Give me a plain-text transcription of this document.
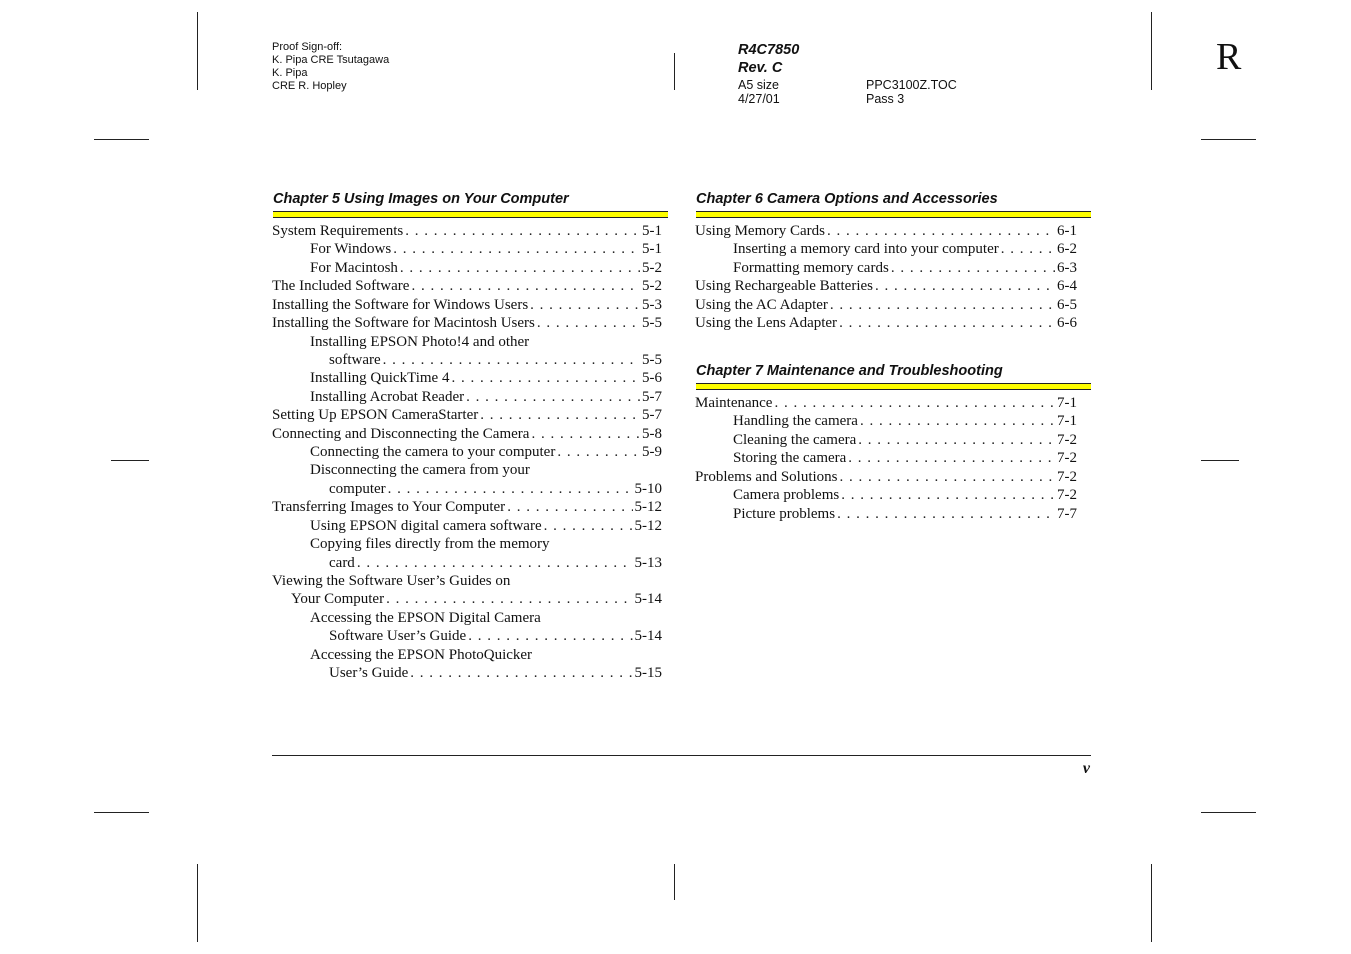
Proof Sign-off:
K. Pipa CRE Tsutagawa
K. Pipa
CRE R. Hopley
R4C7850
Rev. C
A5 size
4/27/01
PPC3100Z.TOC
Pass 3
R
Chapter 5 Using Images on Your Computer
System Requirements . . .	5-1
For Windows . . .	5-1
For Macintosh . . .	5-2
The Included Software . . .	5-2
Installing the Software for Windows Users . . .	5-3
Installing the Software for Macintosh Users . . .	5-5
Installing EPSON Photo!4 and other
software . . .	5-5
Installing QuickTime 4 . . .	5-6
Installing Acrobat Reader . . .	5-7
Setting Up EPSON CameraStarter . . .	5-7
Connecting and Disconnecting the Camera . . .	5-8
Connecting the camera to your computer . . .	5-9
Disconnecting the camera from your
computer . . .	5-10
Transferring Images to Your Computer . . .	5-12
Using EPSON digital camera software . . .	5-12
Copying files directly from the memory
card . . .	5-13
Viewing the Software User’s Guides on
Your Computer . . .	5-14
Accessing the EPSON Digital Camera
Software User’s Guide . . .	5-14
Accessing the EPSON PhotoQuicker
User’s Guide . . .	5-15
Chapter 6 Camera Options and Accessories
Using Memory Cards . . .	6-1
Inserting a memory card into your computer . . .	6-2
Formatting memory cards . . .	6-3
Using Rechargeable Batteries . . .	6-4
Using the AC Adapter . . .	6-5
Using the Lens Adapter . . .	6-6
Chapter 7 Maintenance and Troubleshooting
Maintenance . . .	7-1
Handling the camera . . .	7-1
Cleaning the camera . . .	7-2
Storing the camera . . .	7-2
Problems and Solutions . . .	7-2
Camera problems . . .	7-2
Picture problems . . .	7-7
v
